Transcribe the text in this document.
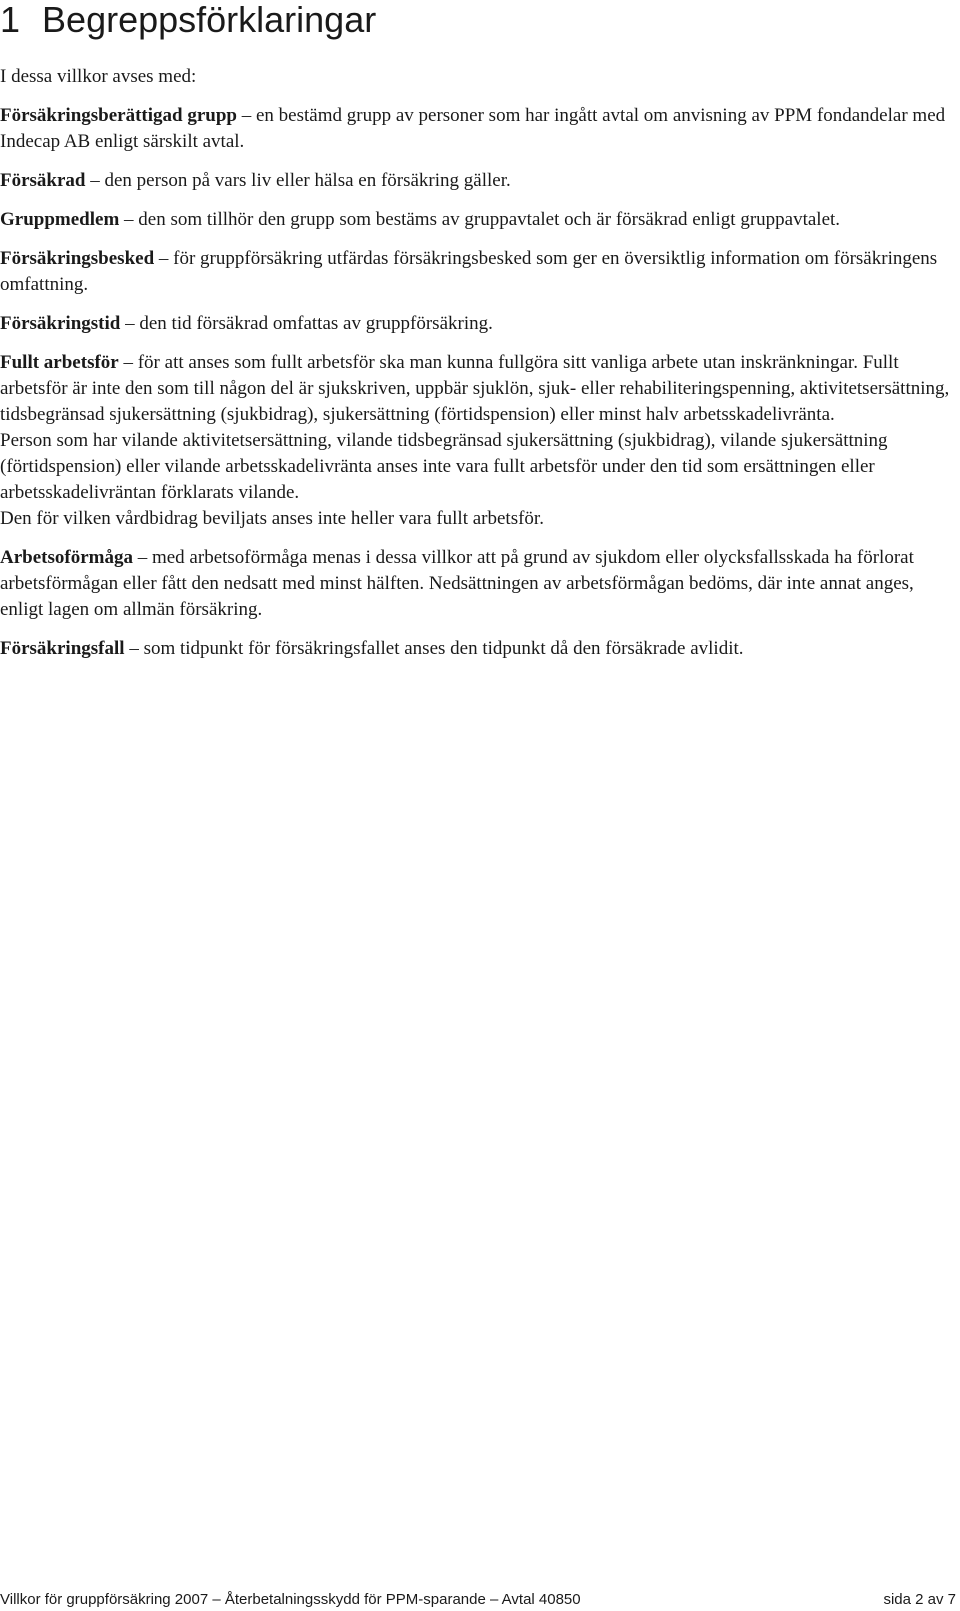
1 Begreppsförklaringar

I dessa villkor avses med:

Försäkringsberättigad grupp – en bestämd grupp av personer som har ingått avtal om anvisning av PPM fondandelar med Indecap AB enligt särskilt avtal.

Försäkrad – den person på vars liv eller hälsa en försäkring gäller.

Gruppmedlem – den som tillhör den grupp som bestäms av gruppavtalet och är försäkrad enligt gruppavtalet.

Försäkringsbesked – för gruppförsäkring utfärdas försäkringsbesked som ger en översiktlig information om försäkringens omfattning.

Försäkringstid – den tid försäkrad omfattas av gruppförsäkring.

Fullt arbetsför – för att anses som fullt arbetsför ska man kunna fullgöra sitt vanliga arbete utan inskränkningar. Fullt arbetsför är inte den som till någon del är sjukskriven, uppbär sjuklön, sjuk- eller rehabiliteringspenning, aktivitetsersättning, tidsbegränsad sjukersättning (sjukbidrag), sjukersättning (förtidspension) eller minst halv arbetsskadelivränta.

Person som har vilande aktivitetsersättning, vilande tidsbegränsad sjukersättning (sjukbidrag), vilande sjukersättning (förtidspension) eller vilande arbetsskadelivränta anses inte vara fullt arbetsför under den tid som ersättningen eller arbetsskadelivräntan förklarats vilande.

Den för vilken vårdbidrag beviljats anses inte heller vara fullt arbetsför.

Arbetsoförmåga – med arbetsoförmåga menas i dessa villkor att på grund av sjukdom eller olycksfallsskada ha förlorat arbetsförmågan eller fått den nedsatt med minst hälften. Nedsättningen av arbetsförmågan bedöms, där inte annat anges, enligt lagen om allmän försäkring.

Försäkringsfall – som tidpunkt för försäkringsfallet anses den tidpunkt då den försäkrade avlidit.

Villkor för gruppförsäkring 2007 – Återbetalningsskydd för PPM-sparande – Avtal 40850	sida 2 av 7
